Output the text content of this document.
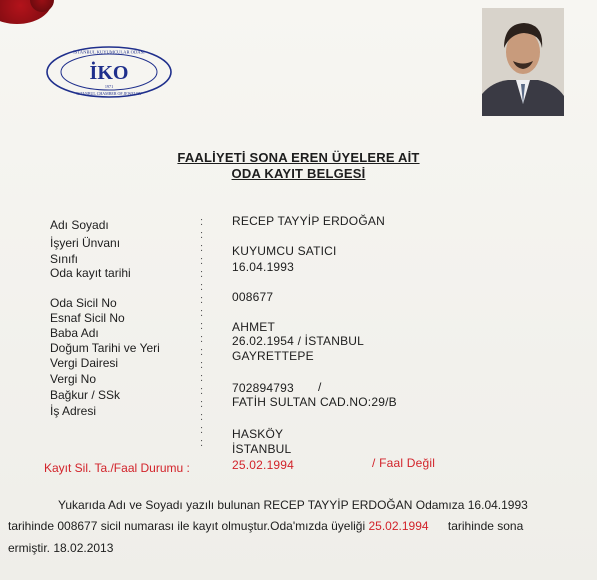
İSTANBUL KUYUMCULAR ODASI
İKO
1971
ISTANBUL CHAMBER OF JEWELRY
FAALİYETİ SONA EREN ÜYELERE AİT
ODA KAYIT BELGESİ
Adı Soyadı
İşyeri Ünvanı
Sınıfı
Oda kayıt tarihi
Oda Sicil No
Esnaf Sicil No
Baba Adı
Doğum Tarihi ve Yeri
Vergi Dairesi
Vergi No
Bağkur / SSk
İş Adresi
Kayıt Sil. Ta./Faal Durumu :
:
:
:
:
:
:
:
:
:
:
:
:
:
:
:
:
:
:
RECEP TAYYİP ERDOĞAN
KUYUMCU SATICI
16.04.1993
008677
AHMET
26.02.1954 / İSTANBUL
GAYRETTEPE
702894793 /
FATİH SULTAN CAD.NO:29/B
HASKÖY
İSTANBUL
25.02.1994	/ Faal Değil
Yukarıda Adı ve Soyadı yazılı bulunan RECEP TAYYİP ERDOĞAN Odamıza 16.04.1993
tarihinde 008677 sicil numarası ile kayıt olmuştur.Oda'mızda üyeliği 25.02.1994 tarihinde sona
ermiştir. 18.02.2013
